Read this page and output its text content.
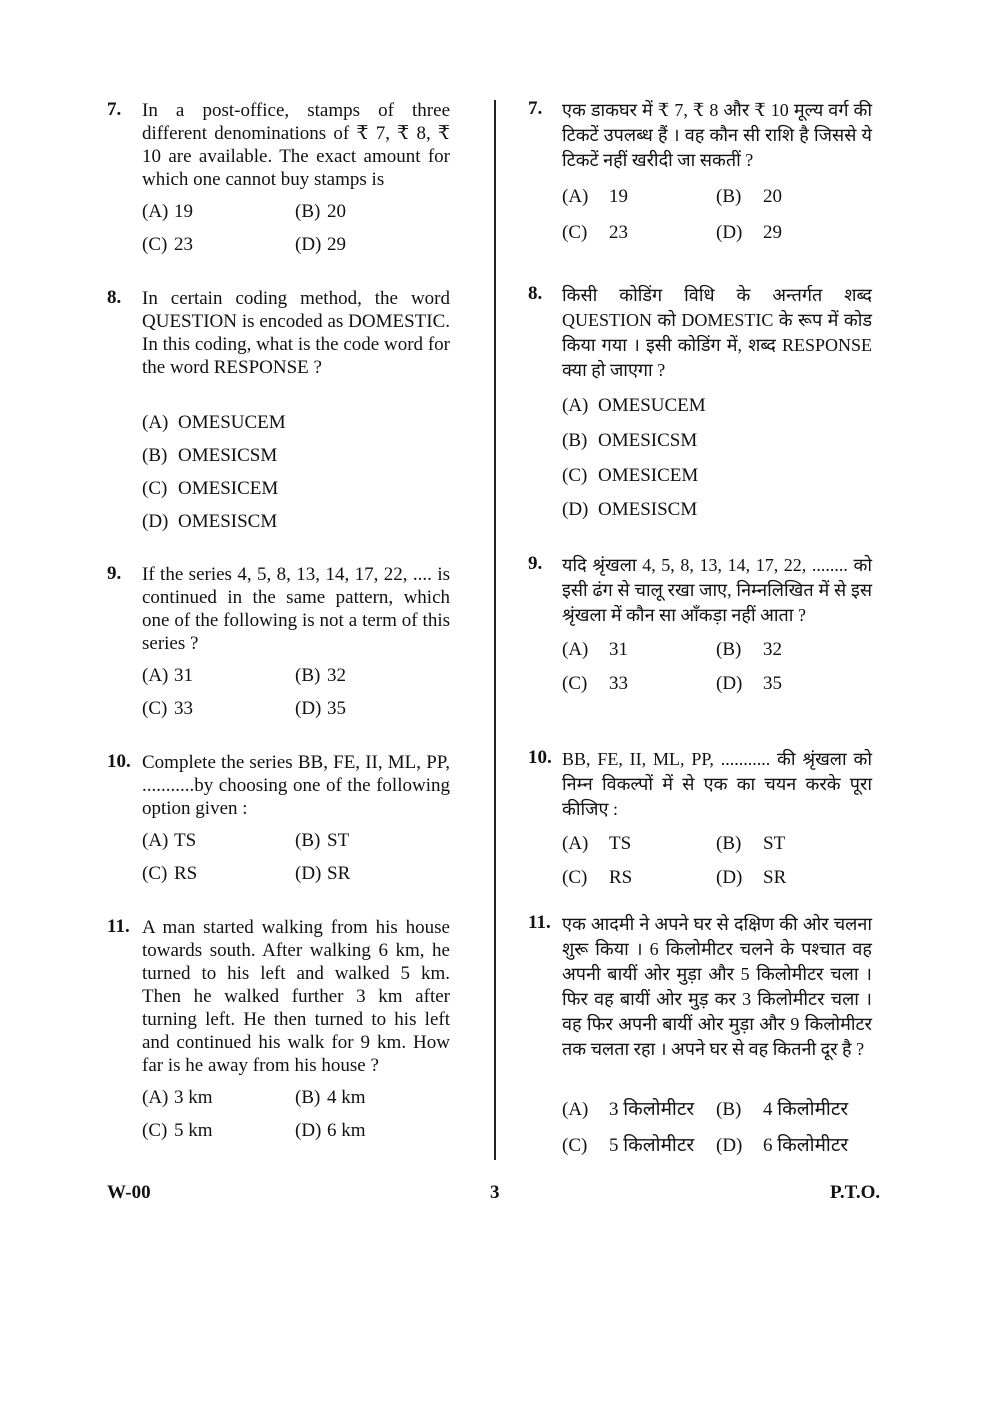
7. In a post-office, stamps of three different denominations of ₹ 7, ₹ 8, ₹ 10 are available. The exact amount for which one cannot buy stamps is
(A) 19	(B) 20
(C) 23	(D) 29
8. In certain coding method, the word QUESTION is encoded as DOMESTIC. In this coding, what is the code word for the word RESPONSE ?
(A) OMESUCEM
(B) OMESICSM
(C) OMESICEM
(D) OMESISCM
9. If the series 4, 5, 8, 13, 14, 17, 22, .... is continued in the same pattern, which one of the following is not a term of this series ?
(A) 31	(B) 32
(C) 33	(D) 35
10. Complete the series BB, FE, II, ML, PP, ...........by choosing one of the following option given :
(A) TS	(B) ST
(C) RS	(D) SR
11. A man started walking from his house towards south. After walking 6 km, he turned to his left and walked 5 km. Then he walked further 3 km after turning left. He then turned to his left and continued his walk for 9 km. How far is he away from his house ?
(A) 3 km	(B) 4 km
(C) 5 km	(D) 6 km
7. एक डाकघर में ₹ 7, ₹ 8 और ₹ 10 मूल्य वर्ग की टिकटें उपलब्ध हैं । वह कौन सी राशि है जिससे ये टिकटें नहीं खरीदी जा सकतीं ?
(A) 19	(B) 20
(C) 23	(D) 29
8. किसी कोडिंग विधि के अन्तर्गत शब्द QUESTION को DOMESTIC के रूप में कोड किया गया । इसी कोडिंग में, शब्द RESPONSE क्या हो जाएगा ?
(A) OMESUCEM
(B) OMESICSM
(C) OMESICEM
(D) OMESISCM
9. यदि श्रृंखला 4, 5, 8, 13, 14, 17, 22, ........ को इसी ढंग से चालू रखा जाए, निम्नलिखित में से इस श्रृंखला में कौन सा आँकड़ा नहीं आता ?
(A) 31	(B) 32
(C) 33	(D) 35
10. BB, FE, II, ML, PP, ........... की श्रृंखला को निम्न विकल्पों में से एक का चयन करके पूरा कीजिए :
(A) TS	(B) ST
(C) RS	(D) SR
11. एक आदमी ने अपने घर से दक्षिण की ओर चलना शुरू किया । 6 किलोमीटर चलने के पश्चात वह अपनी बायीं ओर मुड़ा और 5 किलोमीटर चला । फिर वह बायीं ओर मुड़ कर 3 किलोमीटर चला । वह फिर अपनी बायीं ओर मुड़ा और 9 किलोमीटर तक चलता रहा । अपने घर से वह कितनी दूर है ?
(A) 3 किलोमीटर (B) 4 किलोमीटर
(C) 5 किलोमीटर (D) 6 किलोमीटर
W-00	3	P.T.O.
